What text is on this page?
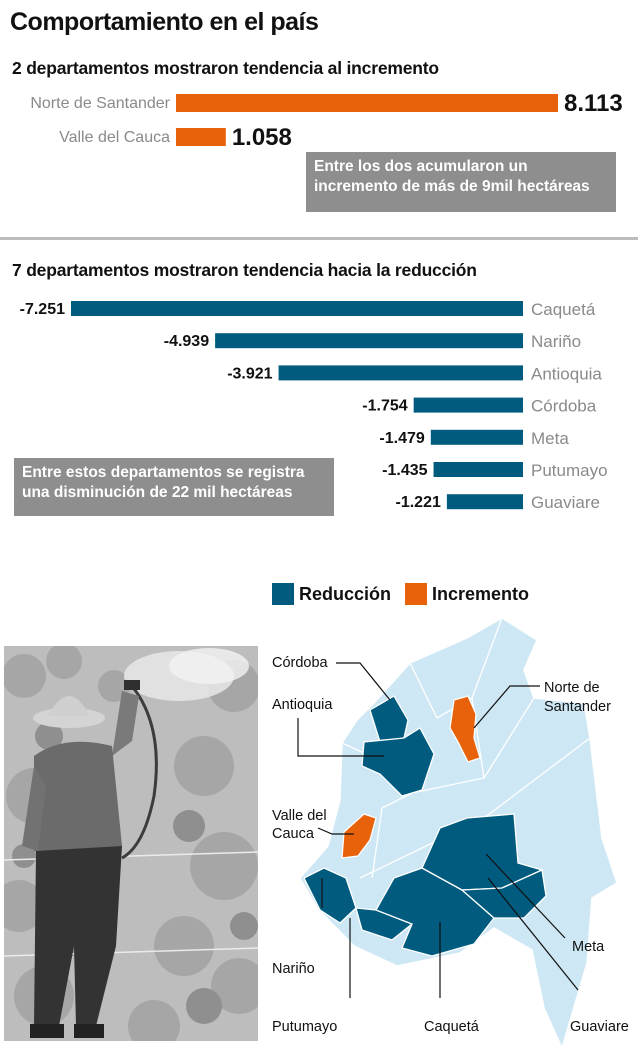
Comportamiento en el país
2 departamentos mostraron tendencia al incremento
Norte de Santander	8.113
Valle del Cauca	1.058
Entre los dos acumularon un incremento de más de 9mil hectáreas
7 departamentos mostraron tendencia hacia la reducción
-7.251	Caquetá
-4.939	Nariño
-3.921	Antioquia
-1.754	Córdoba
-1.479	Meta
-1.435	Putumayo
-1.221	Guaviare
Entre estos departamentos se registra una disminución de 22 mil hectáreas
Reducción Incremento
Córdoba
Antioquia
Norte de
Santander
Valle del
Cauca
Nariño
Putumayo	Caquetá
Meta
Guaviare
